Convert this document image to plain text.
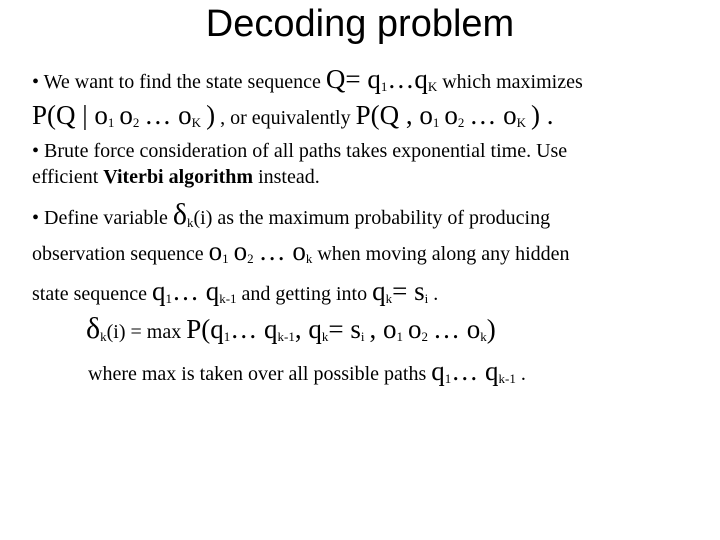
Decoding problem
• We want to find the state sequence $Q= q_1\dots q_K$ which maximizes
P(Q | $o_1$ $o_2$ … $o_K$ ) , or equivalently P(Q , $o_1$ $o_2$ … $o_K$ ) .
• Brute force consideration of all paths takes exponential time. Use
efficient Viterbi algorithm instead.
• Define variable $\delta_k(i)$ as the maximum probability of producing
observation sequence $o_1$ $o_2$ … $o_k$ when moving along any hidden
state sequence $q_1\dots$ $q_{k-1}$ and getting into $q_k= s_i$ .
$\delta_k(i) = \max$ $P(q_1\dots$ $q_{k-1}$, $q_k= s_i$ , $o_1$ $o_2$ … $o_k$)
where max is taken over all possible paths $q_1\dots$ $q_{k-1}$ .
